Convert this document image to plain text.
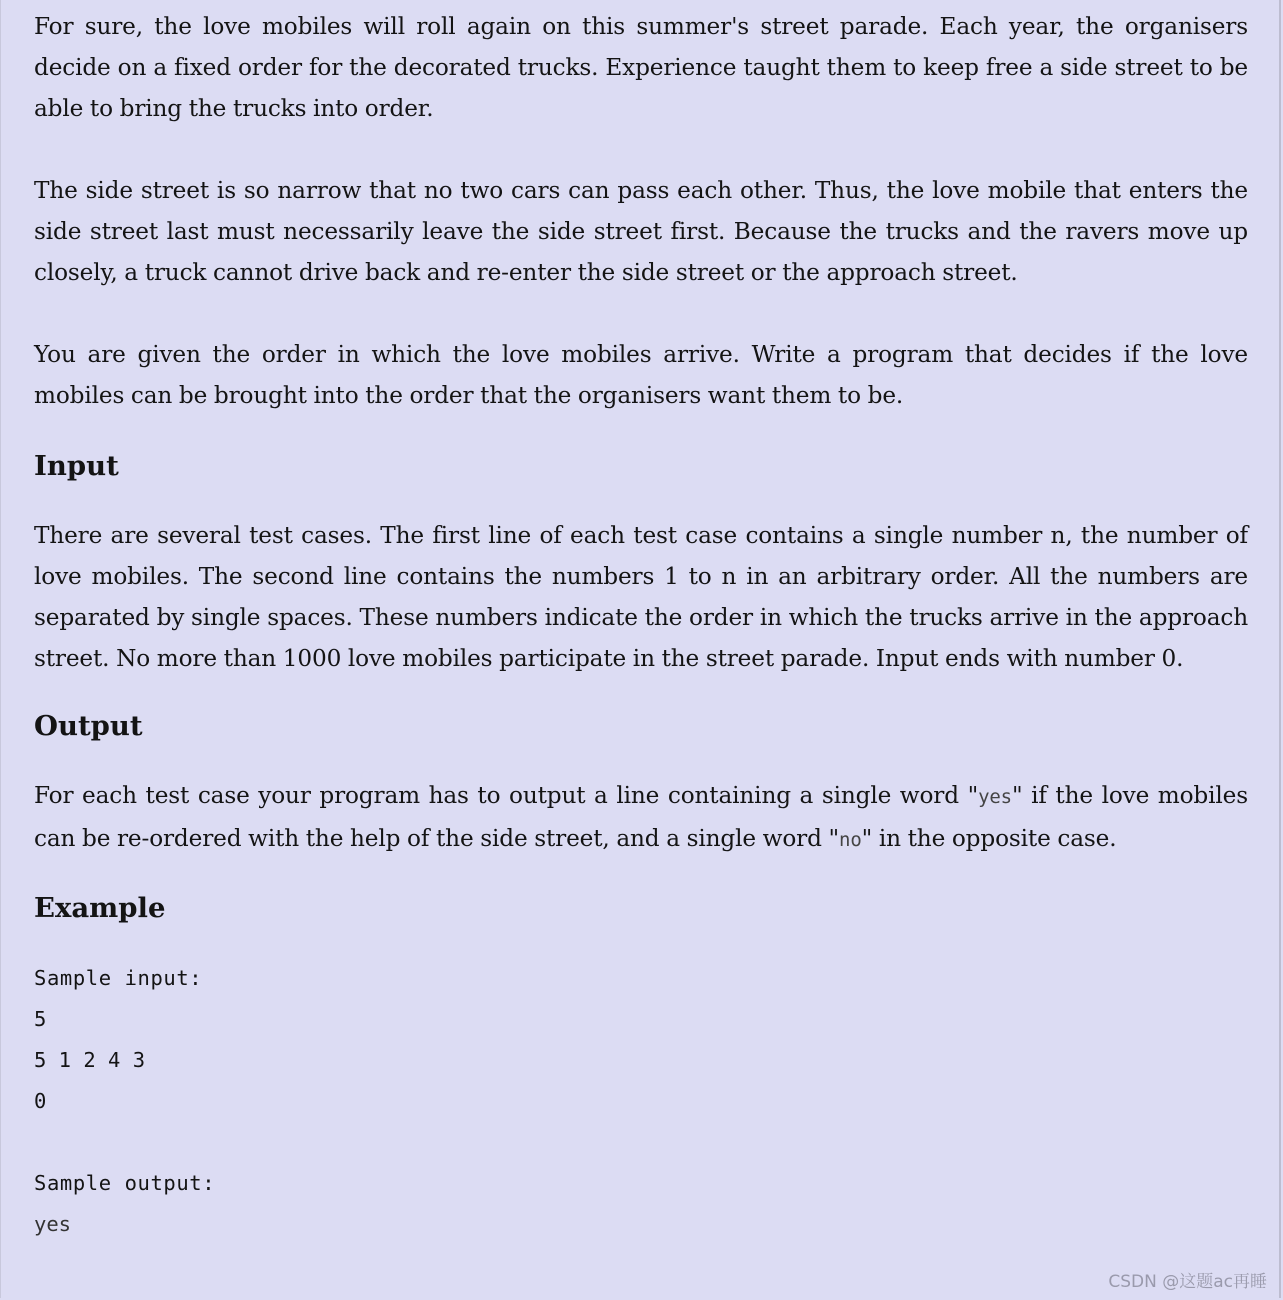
For sure, the love mobiles will roll again on this summer's street parade. Each year, the organisers decide on a fixed order for the decorated trucks. Experience taught them to keep free a side street to be able to bring the trucks into order.

The side street is so narrow that no two cars can pass each other. Thus, the love mobile that enters the side street last must necessarily leave the side street first. Because the trucks and the ravers move up closely, a truck cannot drive back and re-enter the side street or the approach street.

You are given the order in which the love mobiles arrive. Write a program that decides if the love mobiles can be brought into the order that the organisers want them to be.

Input

There are several test cases. The first line of each test case contains a single number n, the number of love mobiles. The second line contains the numbers 1 to n in an arbitrary order. All the numbers are separated by single spaces. These numbers indicate the order in which the trucks arrive in the approach street. No more than 1000 love mobiles participate in the street parade. Input ends with number 0.

Output

For each test case your program has to output a line containing a single word "yes" if the love mobiles can be re-ordered with the help of the side street, and a single word "no" in the opposite case.

Example
Sample input:
5
5 1 2 4 3
0
Sample output:
yes
CSDN @这题ac再睡
